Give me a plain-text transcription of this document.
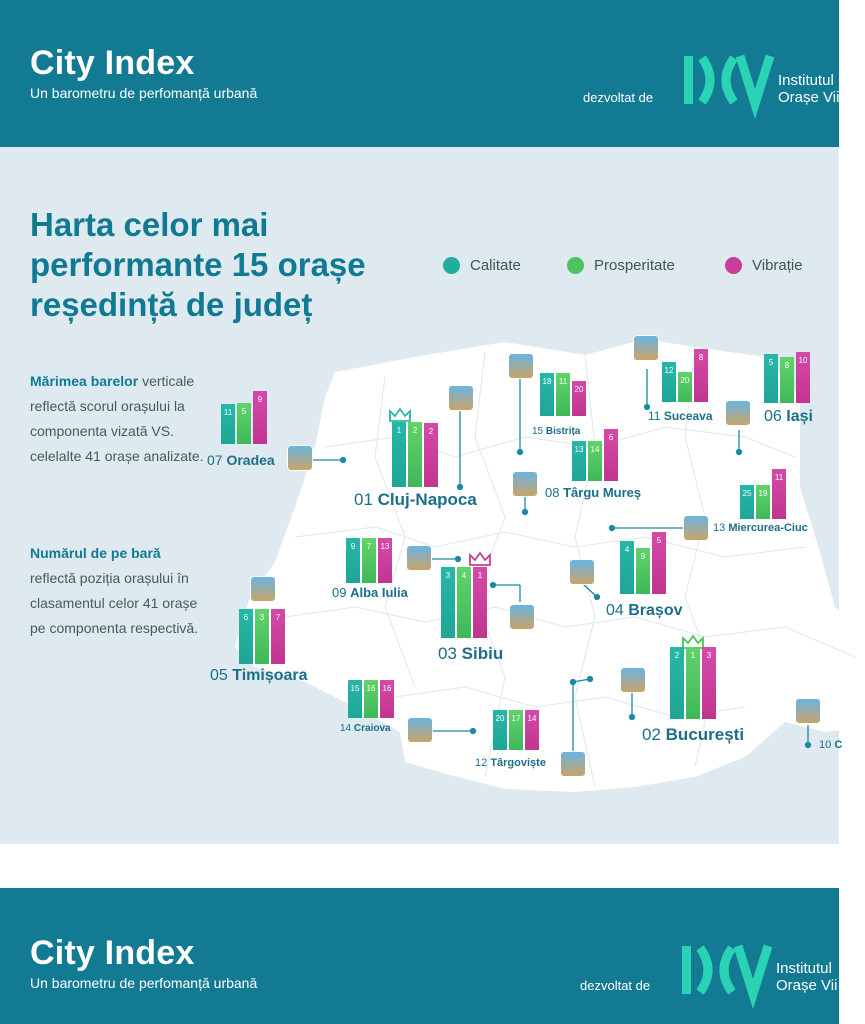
City Index
Un barometru de perfomanță urbană	dezvoltat de
Institutul
Orașe Vii
Harta celor mai
performante 15 orașe
reședință de județ
Calitate	Prosperitate	Vibrație
Mărimea barelor verticale reflectă scorul orașului la componenta vizată VS. celelalte 41 orașe analizate.
Numărul de pe bară reflectă poziția orașului în clasamentul celor 41 orașe pe componenta respectivă.
11 5
9
07 Oradea
1 2 2
01 Cluj-Napoca
18 11
20
15 Bistrița
12
20
8
11 Suceava
5 8
10
06 Iași
13 14
6
08 Târgu Mureș	25 19
11
13 Miercurea-Ciuc
9 7 13
09 Alba Iulia
4
9
5
04 Brașov
3 4 1
03 Sibiu
6 3 7
05 Timișoara
2 1 3
02 București
15 16 16
14 Craiova
20 17 14
12 Târgoviște
10 C
City Index
Un barometru de perfomanță urbană	dezvoltat de
Institutul
Orașe Vii
